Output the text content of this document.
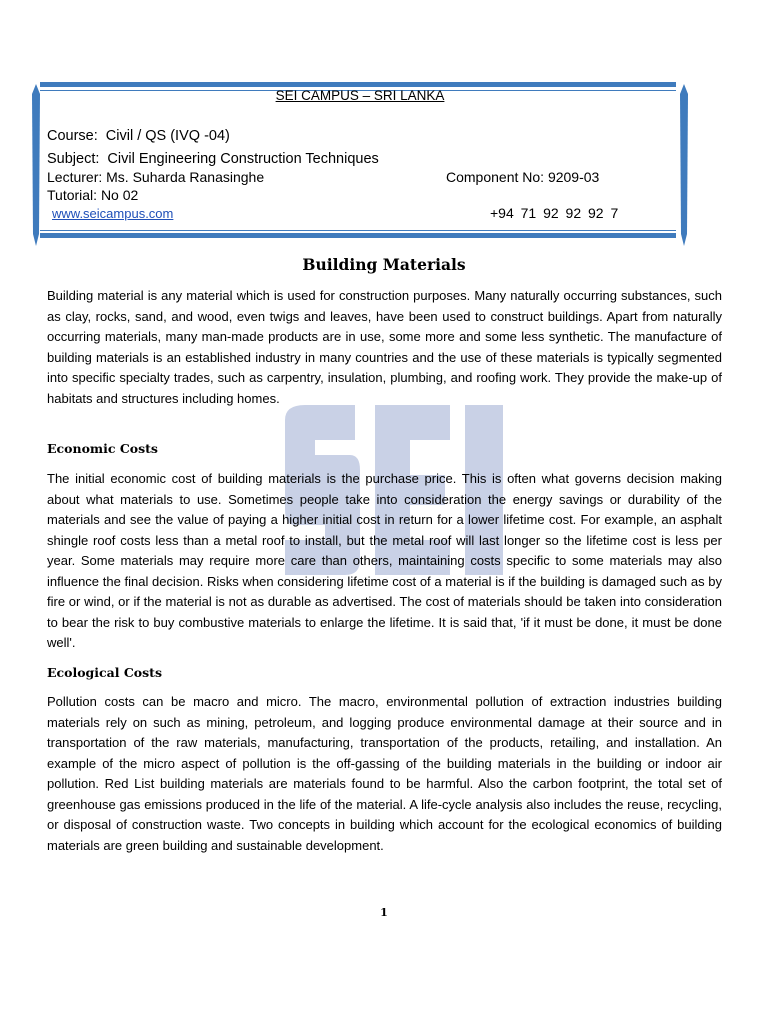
SEI CAMPUS – SRI LANKA
Course: Civil / QS (IVQ -04)
Subject: Civil Engineering Construction Techniques
Lecturer: Ms. Suharda Ranasinghe	Component No: 9209-03
Tutorial: No 02
www.seicampus.com	+94 71 92 92 92 7
Building Materials

Building material is any material which is used for construction purposes. Many naturally occurring substances, such as clay, rocks, sand, and wood, even twigs and leaves, have been used to construct buildings. Apart from naturally occurring materials, many man-made products are in use, some more and some less synthetic. The manufacture of building materials is an established industry in many countries and the use of these materials is typically segmented into specific specialty trades, such as carpentry, insulation, plumbing, and roofing work. They provide the make-up of habitats and structures including homes.

Economic Costs

The initial economic cost of building materials is the purchase price. This is often what governs decision making about what materials to use. Sometimes people take into consideration the energy savings or durability of the materials and see the value of paying a higher initial cost in return for a lower lifetime cost. For example, an asphalt shingle roof costs less than a metal roof to install, but the metal roof will last longer so the lifetime cost is less per year. Some materials may require more care than others, maintaining costs specific to some materials may also influence the final decision. Risks when considering lifetime cost of a material is if the building is damaged such as by fire or wind, or if the material is not as durable as advertised. The cost of materials should be taken into consideration to bear the risk to buy combustive materials to enlarge the lifetime. It is said that, 'if it must be done, it must be done well'.

Ecological Costs

Pollution costs can be macro and micro. The macro, environmental pollution of extraction industries building materials rely on such as mining, petroleum, and logging produce environmental damage at their source and in transportation of the raw materials, manufacturing, transportation of the products, retailing, and installation. An example of the micro aspect of pollution is the off-gassing of the building materials in the building or indoor air pollution. Red List building materials are materials found to be harmful. Also the carbon footprint, the total set of greenhouse gas emissions produced in the life of the material. A life-cycle analysis also includes the reuse, recycling, or disposal of construction waste. Two concepts in building which account for the ecological economics of building materials are green building and sustainable development.

1
